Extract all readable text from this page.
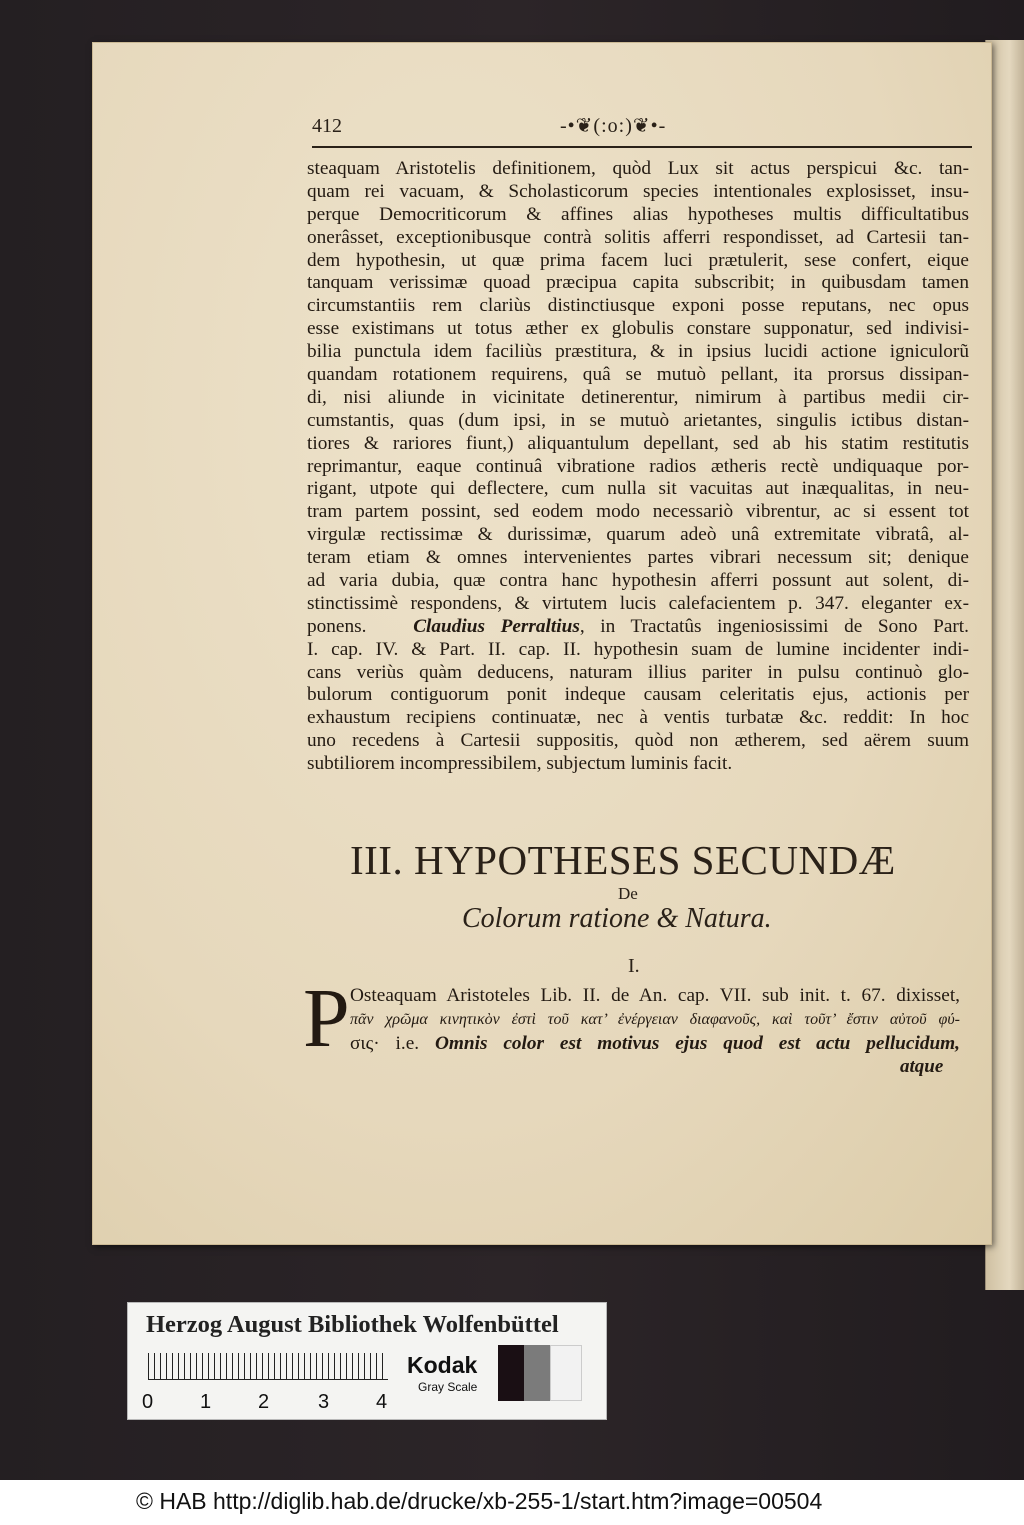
412	-•❦(:o:)❦•-
steaquam Aristotelis definitionem, quòd Lux sit actus perspicui &c. tan-
quam rei vacuam, & Scholasticorum species intentionales explosisset, insu-
perque Democriticorum & affines alias hypotheses multis difficultatibus
onerâsset, exceptionibusque contrà solitis afferri respondisset, ad Cartesii tan-
dem hypothesin, ut quæ prima facem luci prætulerit, sese confert, eique
tanquam verissimæ quoad præcipua capita subscribit; in quibusdam tamen
circumstantiis rem clariùs distinctiusque exponi posse reputans, nec opus
esse existimans ut totus æther ex globulis constare supponatur, sed indivisi-
bilia punctula idem faciliùs præstitura, & in ipsius lucidi actione igniculorũ
quandam rotationem requirens, quâ se mutuò pellant, ita prorsus dissipan-
di, nisi aliunde in vicinitate detinerentur, nimirum à partibus medii cir-
cumstantis, quas (dum ipsi, in se mutuò arietantes, singulis ictibus distan-
tiores & rariores fiunt,) aliquantulum depellant, sed ab his statim restitutis
reprimantur, eaque continuâ vibratione radios ætheris rectè undiquaque por-
rigant, utpote qui deflectere, cum nulla sit vacuitas aut inæqualitas, in neu-
tram partem possint, sed eodem modo necessariò vibrentur, ac si essent tot
virgulæ rectissimæ & durissimæ, quarum adeò unâ extremitate vibratâ, al-
teram etiam & omnes intervenientes partes vibrari necessum sit; denique
ad varia dubia, quæ contra hanc hypothesin afferri possunt aut solent, di-
stinctissimè respondens, & virtutem lucis calefacientem p. 347. eleganter ex-
ponens. Claudius Perraltius, in Tractatûs ingeniosissimi de Sono Part.
I. cap. IV. & Part. II. cap. II. hypothesin suam de lumine incidenter indi-
cans veriùs quàm deducens, naturam illius pariter in pulsu continuò glo-
bulorum contiguorum ponit indeque causam celeritatis ejus, actionis per
exhaustum recipiens continuatæ, nec à ventis turbatæ &c. reddit: In hoc
uno recedens à Cartesii suppositis, quòd non ætherem, sed aërem suum
subtiliorem incompressibilem, subjectum luminis facit.
III. HYPOTHESES SECUNDÆ
De
Colorum ratione & Natura.
I.
P Osteaquam Aristoteles Lib. II. de An. cap. VII. sub init. t. 67. dixisset,
πᾶν χρῶμα κινητικὸν ἐστὶ τοῦ κατ’ ἐνέργειαν διαφανοῦς, καὶ τοῦτ’ ἔστιν αὐτοῦ φύ-
σις· i.e. Omnis color est motivus ejus quod est actu pellucidum,
atque
Herzog August Bibliothek Wolfenbüttel
0 1 2 3 4
Kodak
Gray Scale
© HAB http://diglib.hab.de/drucke/xb-255-1/start.htm?image=00504
